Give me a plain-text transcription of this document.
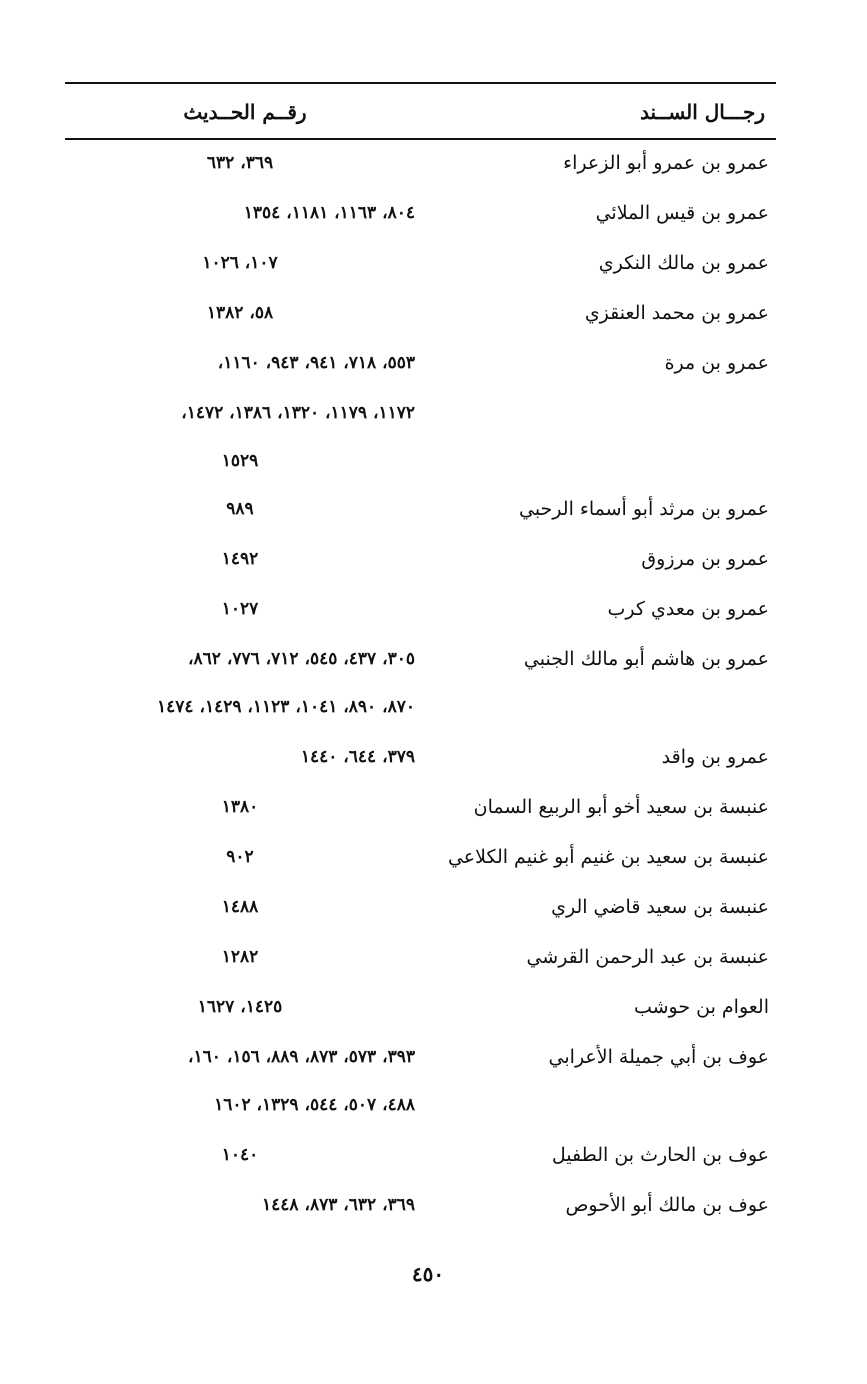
رجـــال الســند
رقــم الحــديث
عمرو بن عمرو أبو الزعراء
٣٦٩، ٦٣٢
عمرو بن قيس الملائي
٨٠٤، ١١٦٣، ١١٨١، ١٣٥٤
عمرو بن مالك النكري
١٠٧، ١٠٢٦
عمرو بن محمد العنقزي
٥٨، ١٣٨٢
عمرو بن مرة
٥٥٣، ٧١٨، ٩٤١، ٩٤٣، ١١٦٠،
١١٧٢، ١١٧٩، ١٣٢٠، ١٣٨٦، ١٤٧٢،
١٥٢٩
عمرو بن مرثد أبو أسماء الرحبي
٩٨٩
عمرو بن مرزوق
١٤٩٢
عمرو بن معدي كرب
١٠٢٧
عمرو بن هاشم أبو مالك الجنبي
٣٠٥، ٤٣٧، ٥٤٥، ٧١٢، ٧٧٦، ٨٦٢،
٨٧٠، ٨٩٠، ١٠٤١، ١١٢٣، ١٤٢٩، ١٤٧٤
عمرو بن واقد
٣٧٩، ٦٤٤، ١٤٤٠
عنبسة بن سعيد أخو أبو الربيع السمان
١٣٨٠
عنبسة بن سعيد بن غنيم أبو غنيم الكلاعي
٩٠٢
عنبسة بن سعيد قاضي الري
١٤٨٨
عنبسة بن عبد الرحمن القرشي
١٢٨٢
العوام بن حوشب
١٤٢٥، ١٦٢٧
عوف بن أبي جميلة الأعرابي
٣٩٣، ٥٧٣، ٨٧٣، ٨٨٩، ١٥٦، ١٦٠،
٤٨٨، ٥٠٧، ٥٤٤، ١٣٢٩، ١٦٠٢
عوف بن الحارث بن الطفيل
١٠٤٠
عوف بن مالك أبو الأحوص
٣٦٩، ٦٣٢، ٨٧٣، ١٤٤٨
٤٥٠
